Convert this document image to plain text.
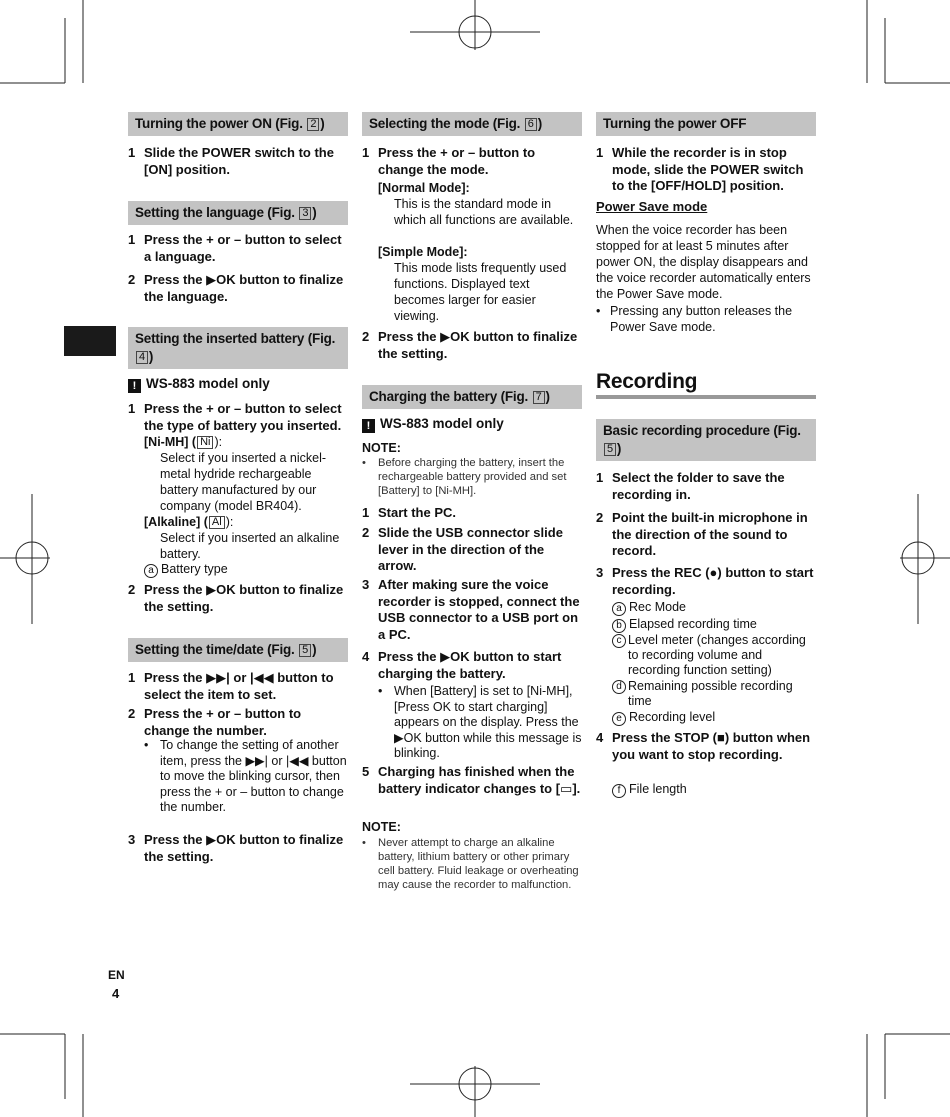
Turning the power ON (Fig. 2 )
1 Slide the POWER switch to the [ON] position.
Setting the language (Fig. 3 )
1 Press the + or – button to select a language.
2 Press the ▶OK button to finalize the language.
Setting the inserted battery (Fig. 4 )
! WS-883 model only
1 Press the + or – button to select the type of battery you inserted.
[Ni-MH] ( Ni ):
Select if you inserted a nickel-metal hydride rechargeable battery manufactured by our company (model BR404).
[Alkaline] ( Al ):
Select if you inserted an alkaline battery.
a Battery type
2 Press the ▶OK button to finalize the setting.
Setting the time/date (Fig. 5 )
1 Press the ▶▶| or |◀◀ button to select the item to set.
2 Press the + or – button to change the number.
• To change the setting of another item, press the ▶▶| or |◀◀ button to move the blinking cursor, then press the + or – button to change the number.
3 Press the ▶OK button to finalize the setting.
Selecting the mode (Fig. 6 )
1 Press the + or – button to change the mode.
[Normal Mode]:
This is the standard mode in which all functions are available.
[Simple Mode]:
This mode lists frequently used functions. Displayed text becomes larger for easier viewing.
2 Press the ▶OK button to finalize the setting.
Charging the battery (Fig. 7 )
! WS-883 model only
NOTE:
• Before charging the battery, insert the rechargeable battery provided and set [Battery] to [Ni-MH].
1 Start the PC.
2 Slide the USB connector slide lever in the direction of the arrow.
3 After making sure the voice recorder is stopped, connect the USB connector to a USB port on a PC.
4 Press the ▶OK button to start charging the battery.
• When [Battery] is set to [Ni-MH], [Press OK to start charging] appears on the display. Press the ▶OK button while this message is blinking.
5 Charging has finished when the battery indicator changes to [▭].
NOTE:
• Never attempt to charge an alkaline battery, lithium battery or other primary cell battery. Fluid leakage or overheating may cause the recorder to malfunction.
Turning the power OFF
1 While the recorder is in stop mode, slide the POWER switch to the [OFF/HOLD] position.
Power Save mode
When the voice recorder has been stopped for at least 5 minutes after power ON, the display disappears and the voice recorder automatically enters the Power Save mode.
• Pressing any button releases the Power Save mode.
Recording
Basic recording procedure (Fig. 5 )
1 Select the folder to save the recording in.
2 Point the built-in microphone in the direction of the sound to record.
3 Press the REC (●) button to start recording.
a Rec Mode
b Elapsed recording time
c Level meter (changes according to recording volume and recording function setting)
d Remaining possible recording time
e Recording level
4 Press the STOP (■) button when you want to stop recording.
f File length
EN
4
